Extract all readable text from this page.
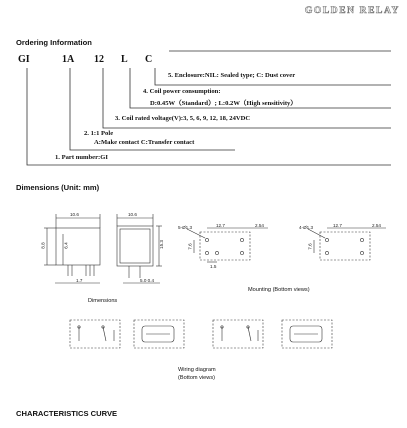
GOLDEN RELAY
Ordering Information
GI	1A 12 L C
5. Enclosure:NIL: Sealed type; C: Dust cover
4. Coil power consumption:
D:0.45W（Standard）; L:0.2W（High sensitivity）
3. Coil rated voltage(V):3, 5, 6, 9, 12, 18, 24VDC
2. 1:1 Pole
A:Make contact C:Transfer contact
1. Part number:GI
Dimensions (Unit: mm)
10.6
8.8	6.4
1.7	5.0 0.4
10.6
15.3
Dimensions
5-Ø1.3	12.7	2.54
7.6
1.5
4-Ø1.3	12.7	2.54
7.6
Mounting (Bottom views)
Wiring diagram
(Bottom views)
CHARACTERISTICS CURVE
